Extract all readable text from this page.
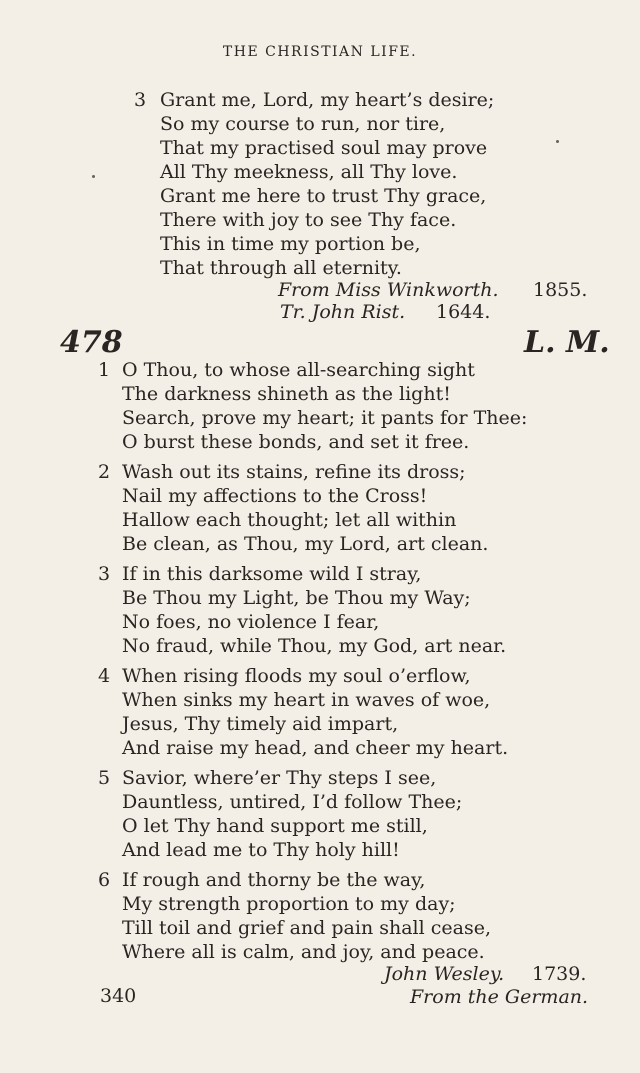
THE CHRISTIAN LIFE.
3 Grant me, Lord, my heart’s desire;
So my course to run, nor tire,
That my practised soul may prove
All Thy meekness, all Thy love.
Grant me here to trust Thy grace,
There with joy to see Thy face.
This in time my portion be,
That through all eternity.
From Miss Winkworth. 1855.
Tr. John Rist. 1644.
478	L. M.
1 O Thou, to whose all-searching sight
The darkness shineth as the light!
Search, prove my heart; it pants for Thee:
O burst these bonds, and set it free.
2 Wash out its stains, refine its dross;
Nail my affections to the Cross!
Hallow each thought; let all within
Be clean, as Thou, my Lord, art clean.
3 If in this darksome wild I stray,
Be Thou my Light, be Thou my Way;
No foes, no violence I fear,
No fraud, while Thou, my God, art near.
4 When rising floods my soul o’erflow,
When sinks my heart in waves of woe,
Jesus, Thy timely aid impart,
And raise my head, and cheer my heart.
5 Savior, where’er Thy steps I see,
Dauntless, untired, I’d follow Thee;
O let Thy hand support me still,
And lead me to Thy holy hill!
6 If rough and thorny be the way,
My strength proportion to my day;
Till toil and grief and pain shall cease,
Where all is calm, and joy, and peace.
John Wesley. 1739.
340	From the German.
